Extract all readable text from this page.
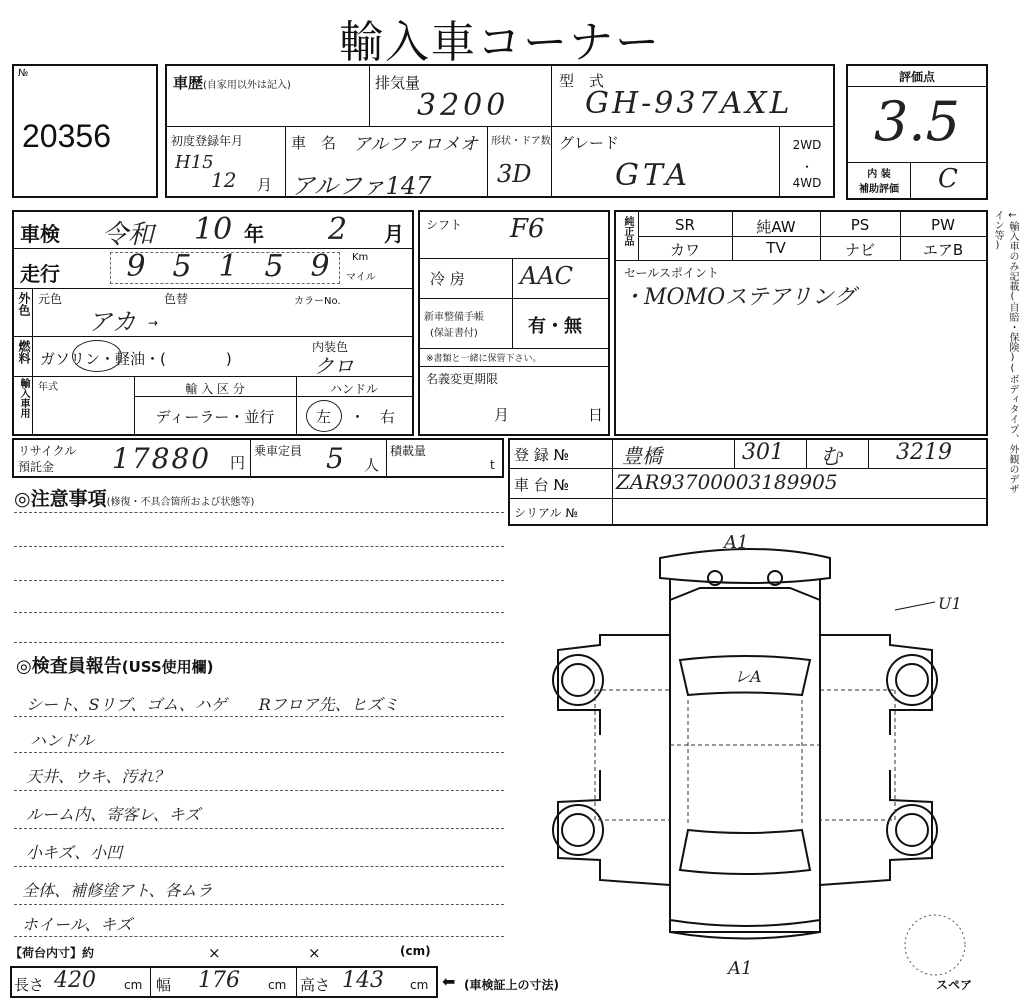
輸入車コーナー
№
20356
車歴(自家用以外は記入)	排気量
3200
型　式
GH-937AXL
初度登録年月
H15
12 月
車　名 アルファロメオ
アルファ147
形状・ドア数
3D
グレード
GTA
2WD
・
4WD
評価点
3.5
内 装
補助評価	C
車検 令和 10 年 2 月
走行 9 5 1 5 9	Km
マイル
外色 元色
アカ
色替
→
カラーNo.
燃料 ガソリン・軽油・(　　　　)
内装色
クロ
輸入車用 年式	輸 入 区 分
ディーラー・並行
ハンドル
左 ・ 右
シフト F6
冷 房 AAC
新車整備手帳
(保証書付)	有・無
※書類と一緒に保管下さい。
名義変更期限
月	日
純正品	SR	純AW	PS	PW
カワ	TV	ナビ	エアB
セールスポイント
・MOMOステアリング	←輸入車のみ記載(自賠・保険)(ボディタイプ、外観のデザイン等)
リサイクル
預託金 17880 円
乗車定員 5 人
積載量
t
登 録 №	豊橋	301 む 3219
車 台 № ZAR93700003189905
シリアル №
◎注意事項(修復・不具合箇所および状態等)
◎検査員報告(USS使用欄)
シート、Sリブ、ゴム、ハゲ　　Rフロア先、ヒズミ
ハンドル
天井、ウキ、汚れ？
ルーム内、寄客レ、キズ
小キズ、小凹
全体、補修塗アト、各ムラ
ホイール、キズ
【荷台内寸】約	×	×	(cm)
長さ 420 cm 幅 176 cm 高さ 143 cm ⬅ (車検証上の寸法)
A1
A1
U1
レA
スペア
